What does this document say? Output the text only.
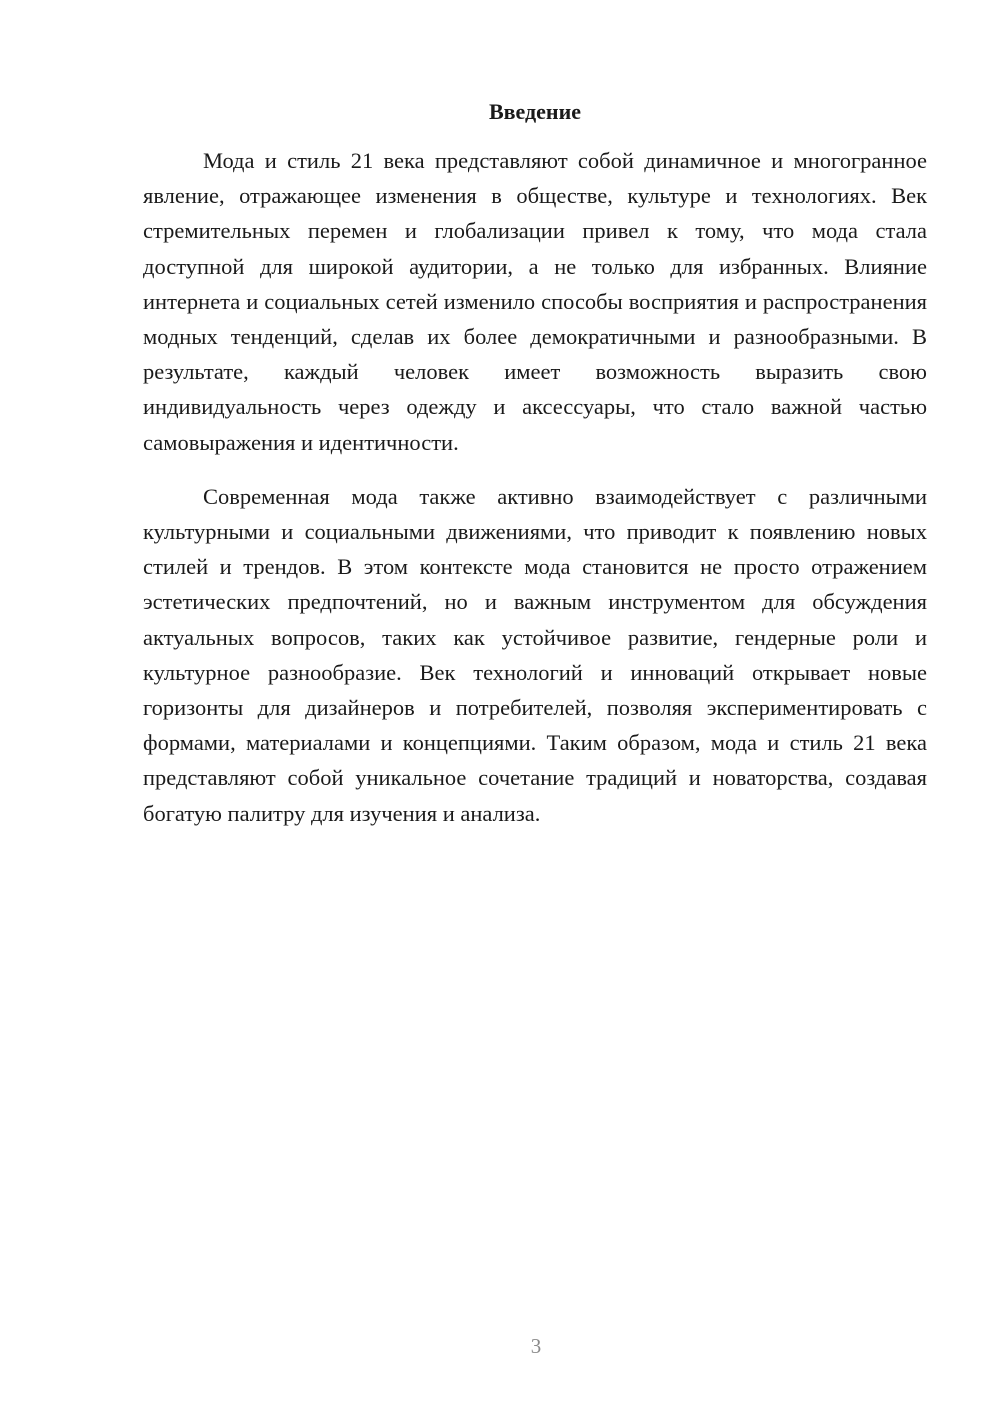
Введение

Мода и стиль 21 века представляют собой динамичное и многогранное явление, отражающее изменения в обществе, культуре и технологиях. Век стремительных перемен и глобализации привел к тому, что мода стала доступной для широкой аудитории, а не только для избранных. Влияние интернета и социальных сетей изменило способы восприятия и распространения модных тенденций, сделав их более демократичными и разнообразными. В результате, каждый человек имеет возможность выразить свою индивидуальность через одежду и аксессуары, что стало важной частью самовыражения и идентичности.

Современная мода также активно взаимодействует с различными культурными и социальными движениями, что приводит к появлению новых стилей и трендов. В этом контексте мода становится не просто отражением эстетических предпочтений, но и важным инструментом для обсуждения актуальных вопросов, таких как устойчивое развитие, гендерные роли и культурное разнообразие. Век технологий и инноваций открывает новые горизонты для дизайнеров и потребителей, позволяя экспериментировать с формами, материалами и концепциями. Таким образом, мода и стиль 21 века представляют собой уникальное сочетание традиций и новаторства, создавая богатую палитру для изучения и анализа.

3
